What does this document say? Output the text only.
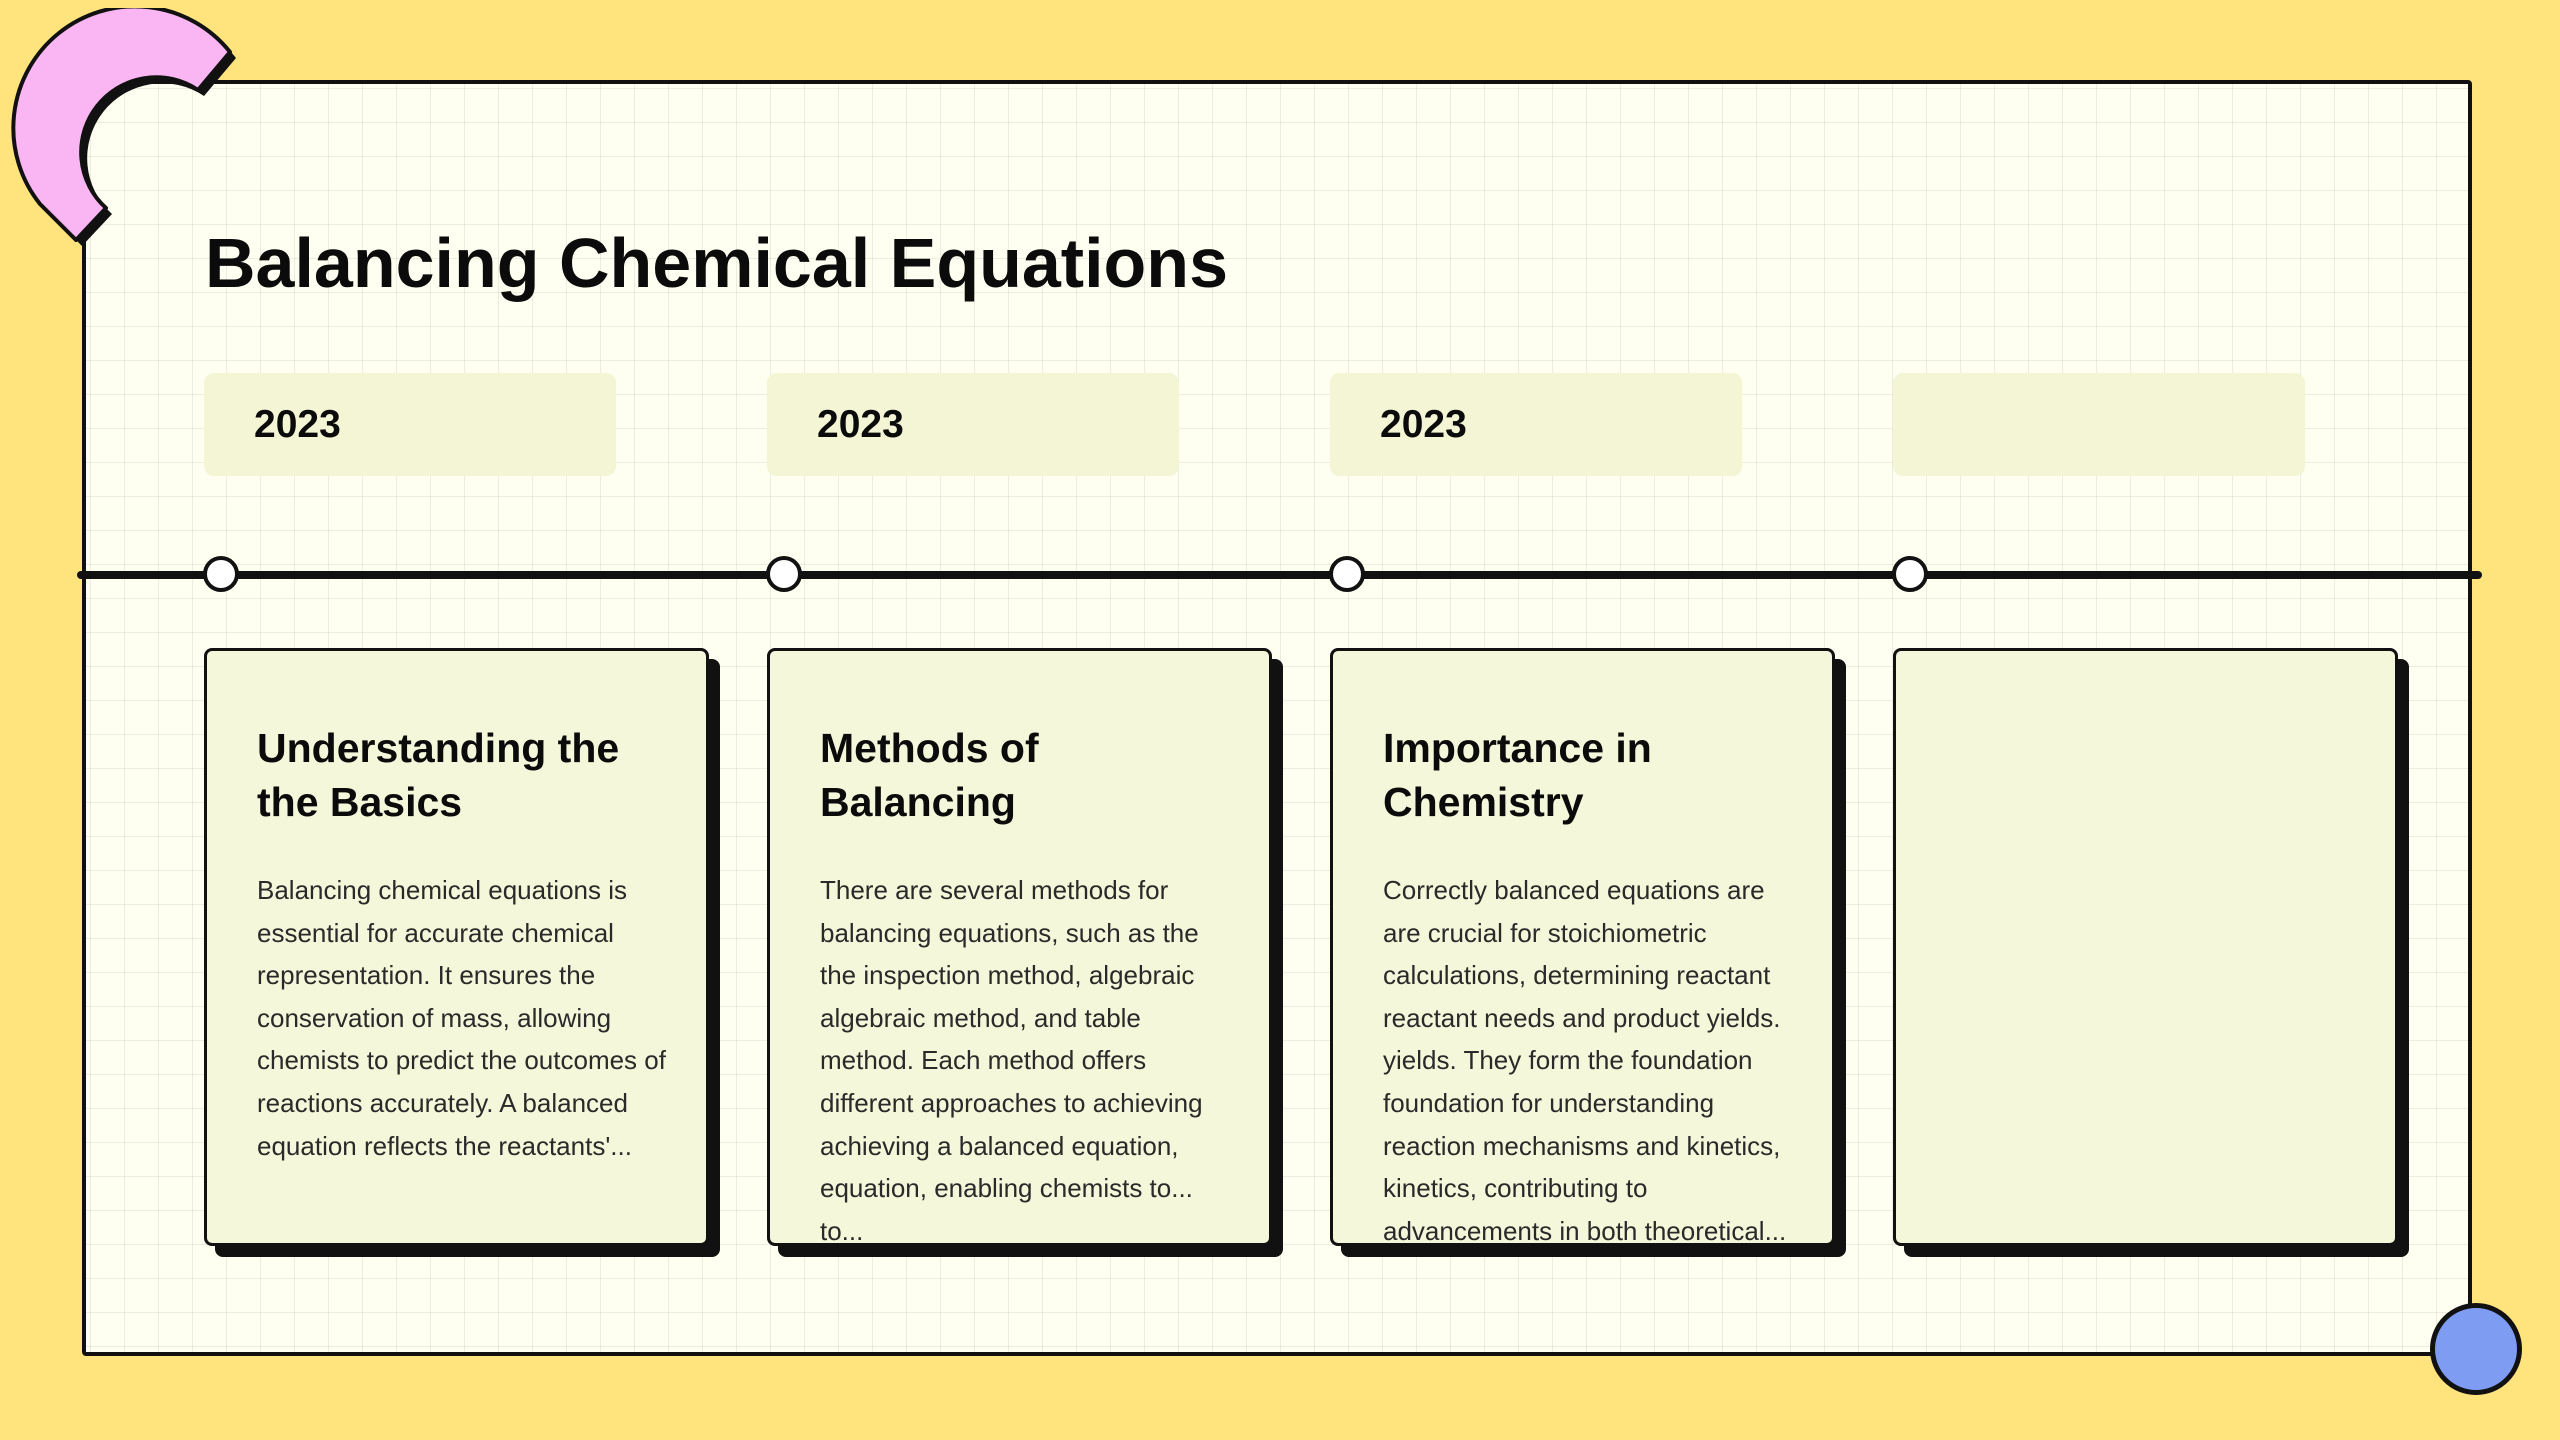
Balancing Chemical Equations
2023	2023	2023
Understanding the the Basics

Balancing chemical equations is essential for accurate chemical representation. It ensures the conservation of mass, allowing chemists to predict the outcomes of reactions accurately. A balanced equation reflects the reactants'...

Methods of Balancing

There are several methods for balancing equations, such as the the inspection method, algebraic algebraic method, and table method. Each method offers different approaches to achieving achieving a balanced equation, equation, enabling chemists to... to...

Importance in Chemistry

Correctly balanced equations are are crucial for stoichiometric calculations, determining reactant reactant needs and product yields. yields. They form the foundation foundation for understanding reaction mechanisms and kinetics, kinetics, contributing to advancements in both theoretical...
